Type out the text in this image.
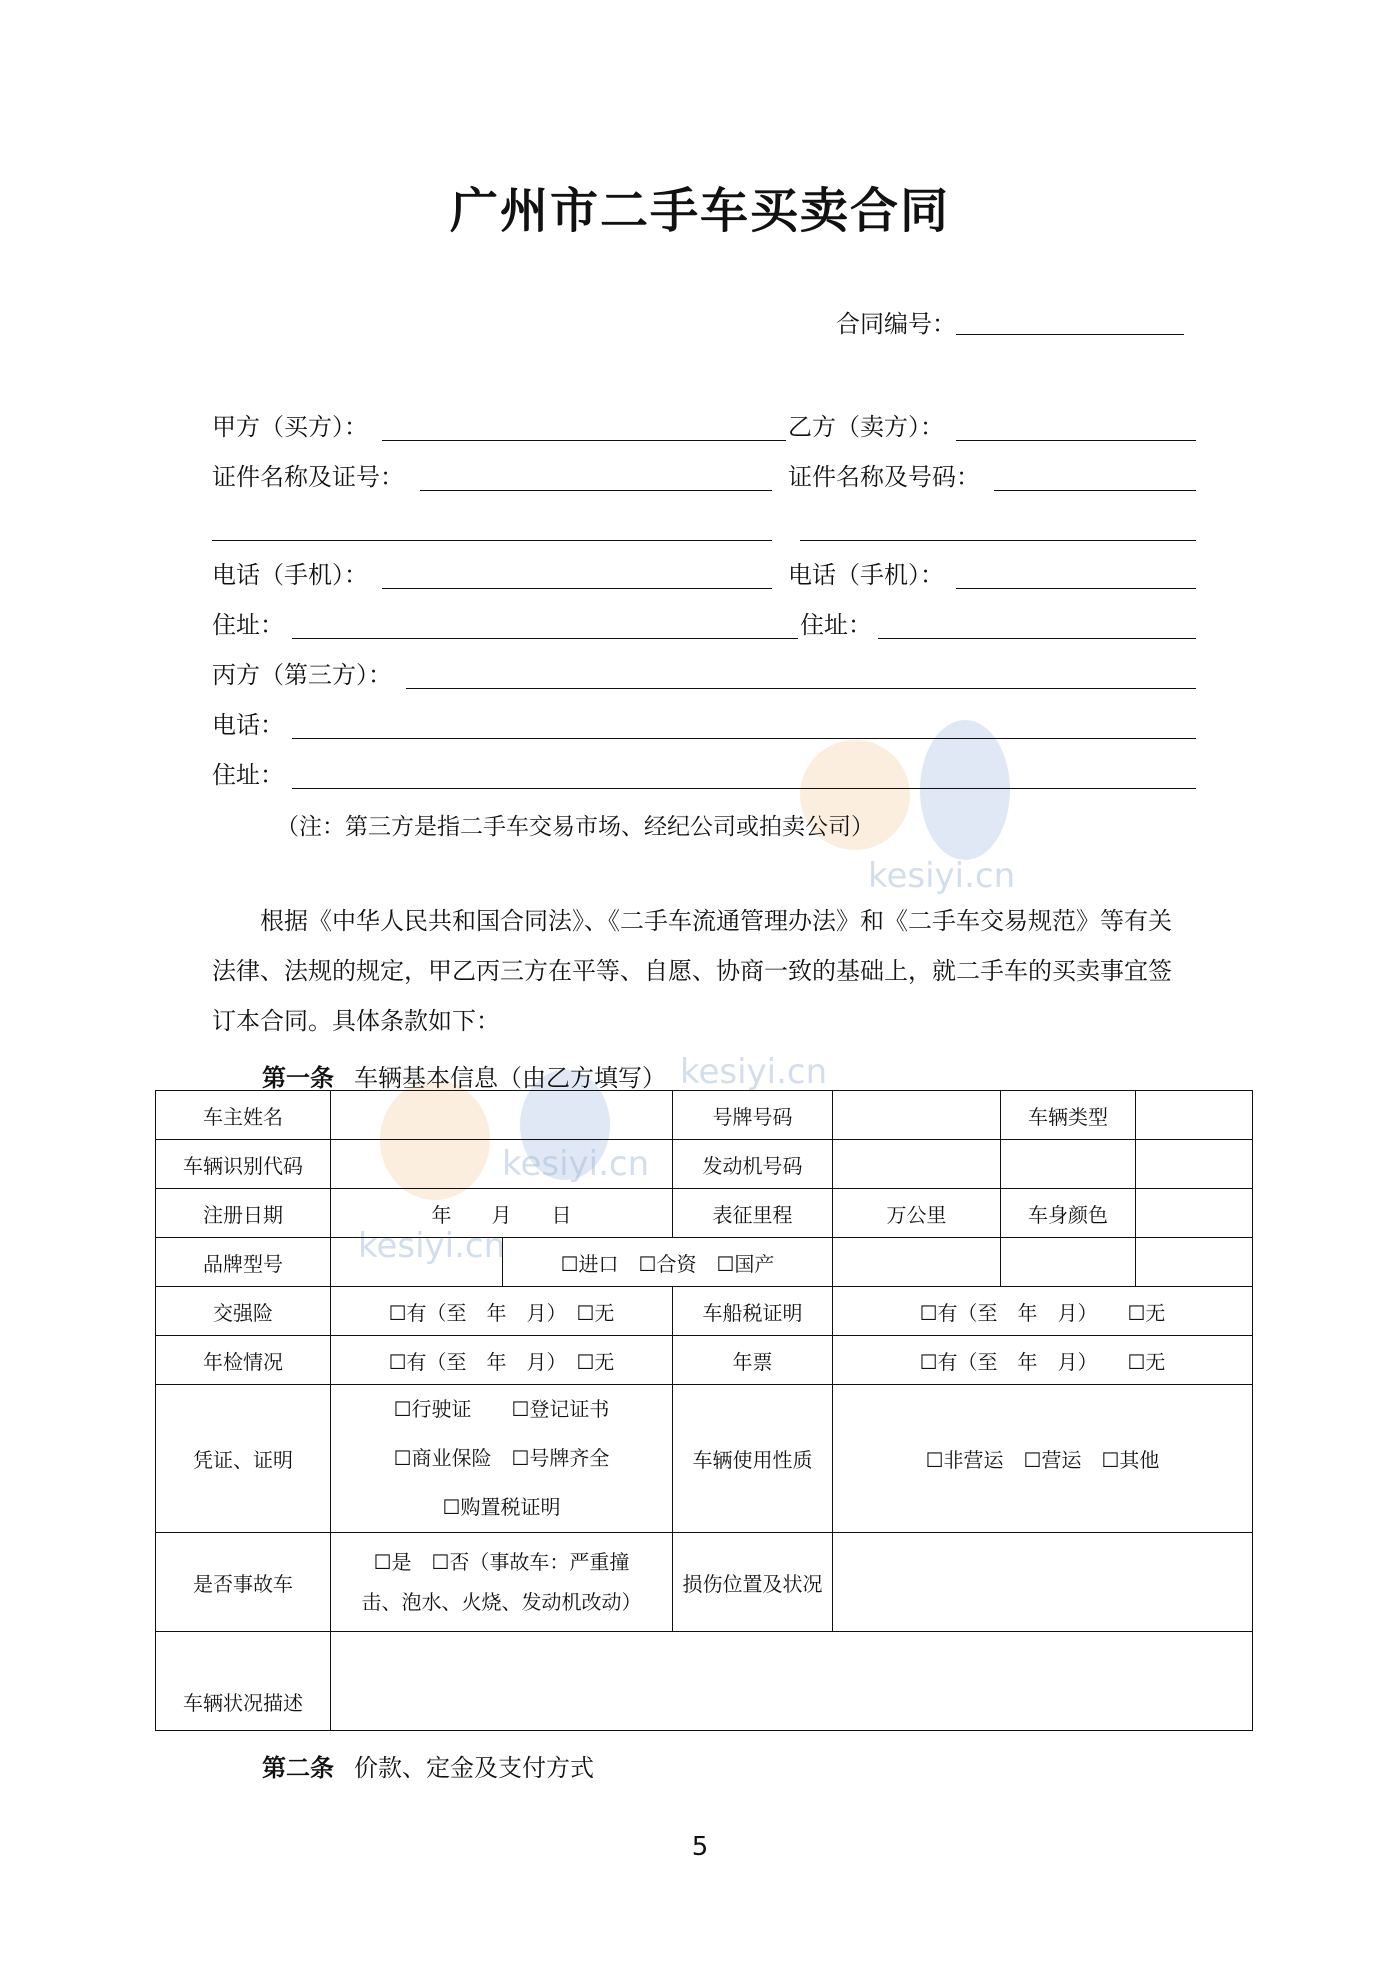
kesiyi.cn
kesiyi.cn
kesiyi.cn
kesiyi.cn
广州市二手车买卖合同
合同编号：
甲方（买方）：	乙方（卖方）：
证件名称及证号：	证件名称及号码：
电话（手机）：	电话（手机）：
住址：	住址：
丙方（第三方）：
电话：
住址：
（注：第三方是指二手车交易市场、经纪公司或拍卖公司）
根据《中华人民共和国合同法》、《二手车流通管理办法》和《二手车交易规范》等有关法律、法规的规定，甲乙丙三方在平等、自愿、协商一致的基础上，就二手车的买卖事宜签订本合同。具体条款如下：
第一条 车辆基本信息（由乙方填写）
车主姓名			号牌号码		车辆类型	
车辆识别代码			发动机号码			
注册日期	年　　月　　日		表征里程	万公里	车身颜色	
品牌型号		☐进口　☐合资　☐国产				
交强险	☐有（至　年　月）　☐无		车船税证明	☐有（至　年　月）　　☐无		
年检情况	☐有（至　年　月）　☐无		年票	☐有（至　年　月）　　☐无		
凭证、证明	☐行驶证　　☐登记证书
☐商业保险　☐号牌齐全
☐购置税证明		车辆使用性质	☐非营运　☐营运　☐其他		
是否事故车	☐是　☐否（事故车：严重撞
击、泡水、火烧、发动机改动）		损伤位置及状况			
车辆状况描述						
第二条 价款、定金及支付方式
5
